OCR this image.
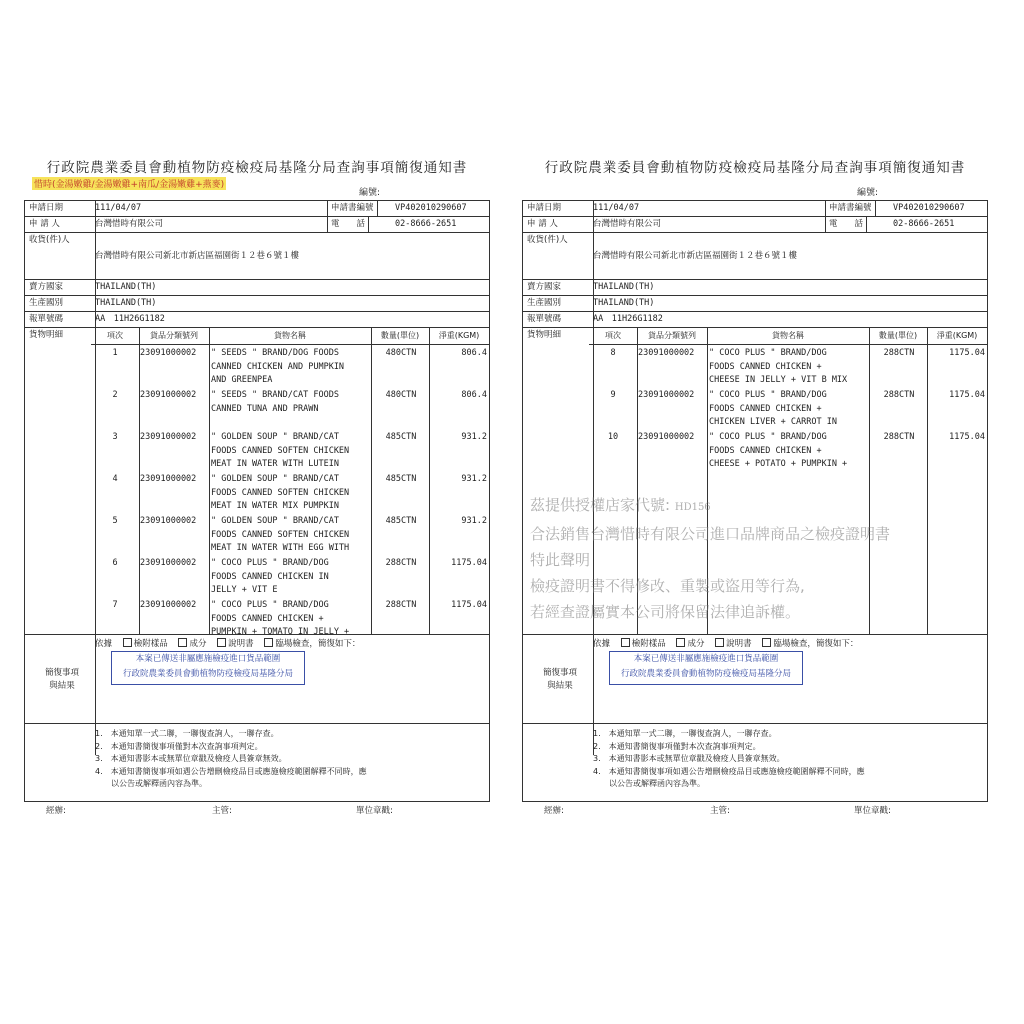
行政院農業委員會動植物防疫檢疫局基隆分局查詢事項簡復通知書
惜時(金湯嫩雞/金湯嫩雞+南瓜/金湯嫩雞+燕麥)
編號:
申請日期	111/04/07	申請書編號	VP402010290607
申 請 人	台灣惜時有限公司	電　　話	02-8666-2651
收貨(件)人
台灣惜時有限公司新北市新店區福園街１２巷６號１樓
賣方國家	THAILAND(TH)
生產國別	THAILAND(TH)
報單號碼	AA　11H26G1182
貨物明細	項次	貨品分類號列	貨物名稱	數量(單位)	淨重(KGM)
1	23091000002	" SEEDS " BRAND/DOG FOODS
CANNED CHICKEN AND PUMPKIN
AND GREENPEA
480CTN	806.4
2	23091000002	" SEEDS " BRAND/CAT FOODS
CANNED TUNA AND PRAWN
480CTN	806.4
3	23091000002	" GOLDEN SOUP " BRAND/CAT
FOODS CANNED SOFTEN CHICKEN
MEAT IN WATER WITH LUTEIN
485CTN	931.2
4	23091000002	" GOLDEN SOUP " BRAND/CAT
FOODS CANNED SOFTEN CHICKEN
MEAT IN WATER MIX PUMPKIN
485CTN	931.2
5	23091000002	" GOLDEN SOUP " BRAND/CAT
FOODS CANNED SOFTEN CHICKEN
MEAT IN WATER WITH EGG WITH
485CTN	931.2
6	23091000002	" COCO PLUS " BRAND/DOG
FOODS CANNED CHICKEN IN
JELLY + VIT E
288CTN	1175.04
7	23091000002	" COCO PLUS " BRAND/DOG
FOODS CANNED CHICKEN +
PUMPKIN + TOMATO IN JELLY +
288CTN	1175.04
簡復事項
與結果
依據	檢附樣品	成分	說明書	臨場檢查，簡復如下：
本案已傳送非屬應施檢疫進口貨品範圍
行政院農業委員會動植物防疫檢疫局基隆分局
1.　本通知單一式二聯，一聯復查詢人，一聯存查。
2.　本通知書簡復事項僅對本次查詢事項判定。
3.　本通知書影本或無單位章戳及檢疫人員簽章無效。
4.　本通知書簡復事項如遇公告增刪檢疫品目或應施檢疫範圍解釋不同時，應
　　以公告或解釋函內容為準。
經辦:	主管:	單位章戳:
行政院農業委員會動植物防疫檢疫局基隆分局查詢事項簡復通知書
編號:
申請日期	111/04/07	申請書編號	VP402010290607
申 請 人	台灣惜時有限公司	電　　話	02-8666-2651
收貨(件)人
台灣惜時有限公司新北市新店區福園街１２巷６號１樓
賣方國家	THAILAND(TH)
生產國別	THAILAND(TH)
報單號碼	AA　11H26G1182
貨物明細	項次	貨品分類號列	貨物名稱	數量(單位)	淨重(KGM)
8	23091000002	" COCO PLUS " BRAND/DOG
FOODS CANNED CHICKEN +
CHEESE IN JELLY + VIT B MIX
288CTN	1175.04
9	23091000002	" COCO PLUS " BRAND/DOG
FOODS CANNED CHICKEN +
CHICKEN LIVER + CARROT IN
288CTN	1175.04
10	23091000002	" COCO PLUS " BRAND/DOG
FOODS CANNED CHICKEN +
CHEESE + POTATO + PUMPKIN +
288CTN	1175.04
簡復事項
與結果
依據	檢附樣品	成分	說明書	臨場檢查，簡復如下：
本案已傳送非屬應施檢疫進口貨品範圍
行政院農業委員會動植物防疫檢疫局基隆分局
1.　本通知單一式二聯，一聯復查詢人，一聯存查。
2.　本通知書簡復事項僅對本次查詢事項判定。
3.　本通知書影本或無單位章戳及檢疫人員簽章無效。
4.　本通知書簡復事項如遇公告增刪檢疫品目或應施檢疫範圍解釋不同時，應
　　以公告或解釋函內容為準。
經辦:	主管:	單位章戳:
茲提供授權店家代號: HD156
合法銷售台灣惜時有限公司進口品牌商品之檢疫證明書
特此聲明
檢疫證明書不得修改、重製或盜用等行為,
若經查證屬實本公司將保留法律追訴權。
